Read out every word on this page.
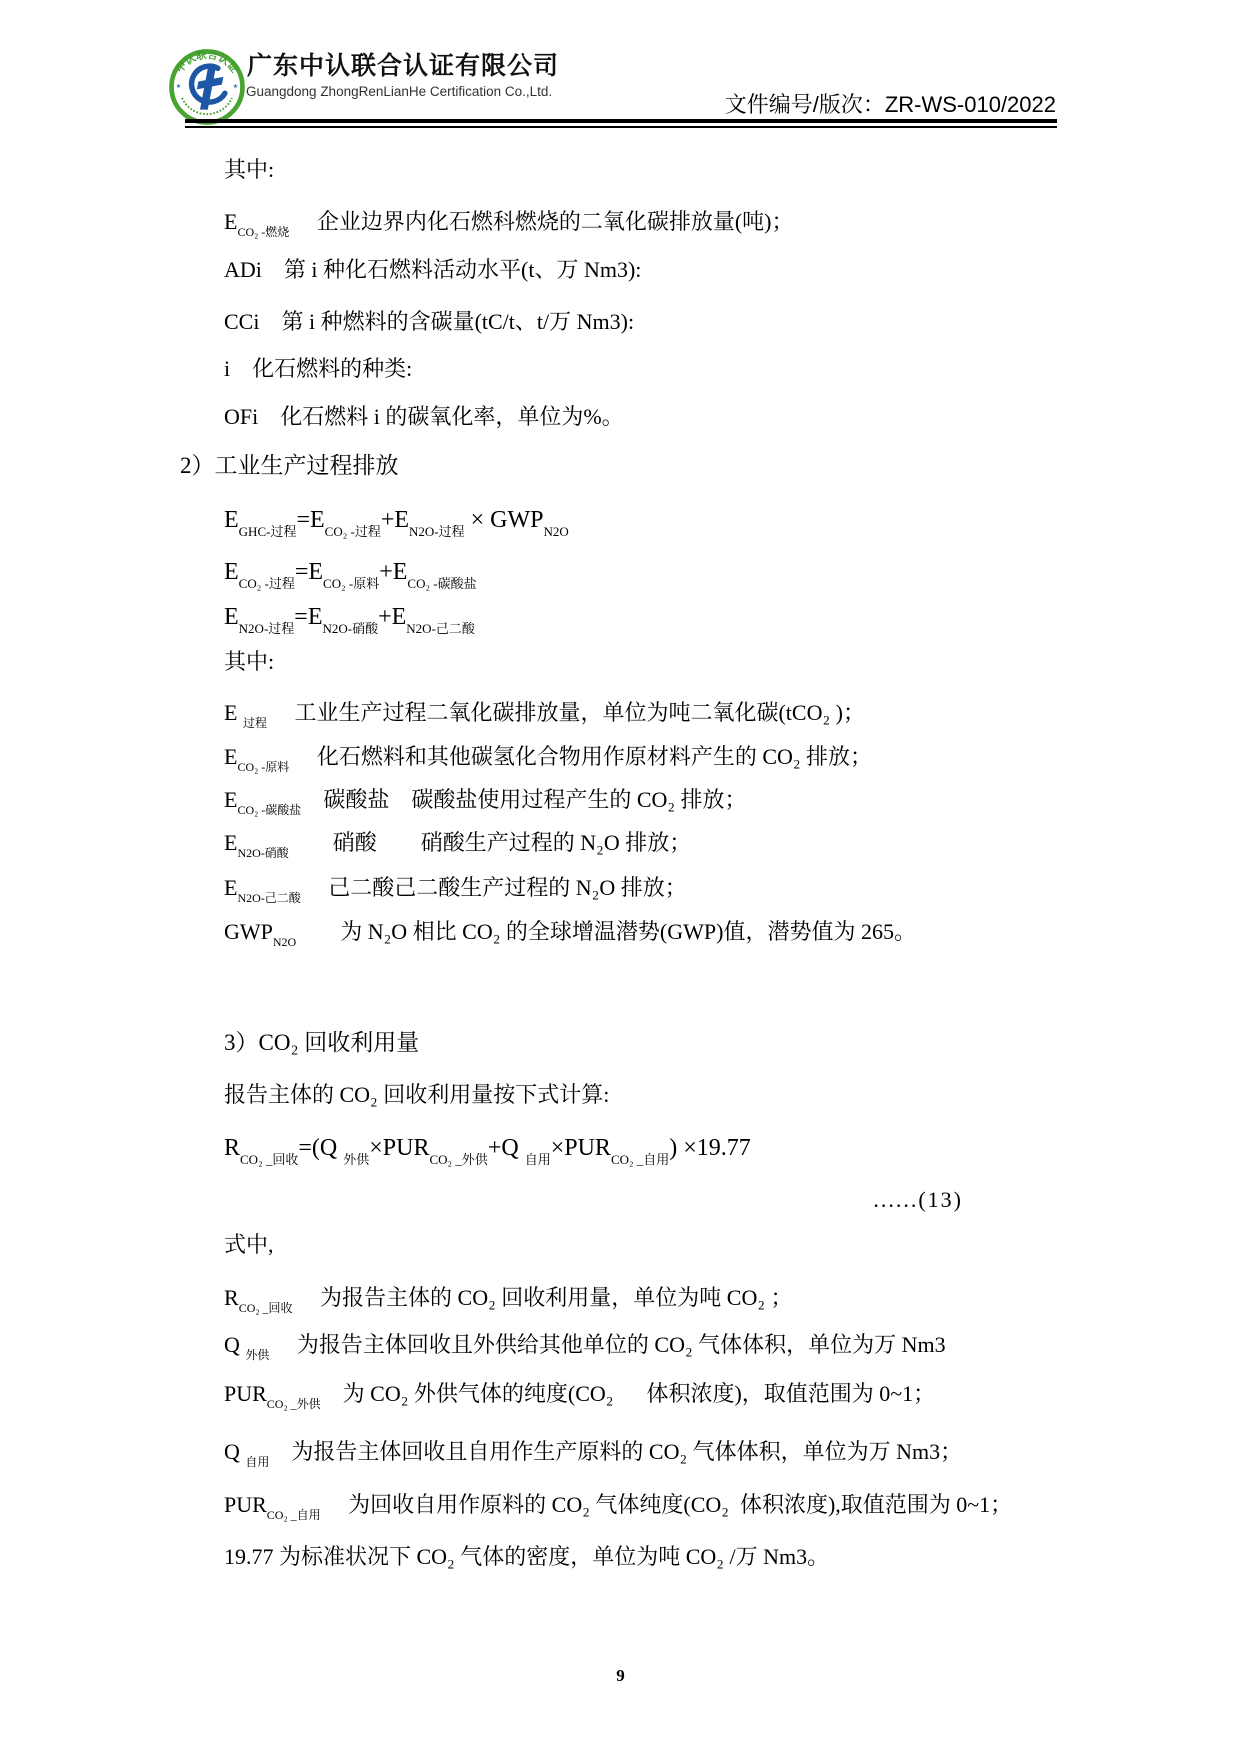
中认联合认证
★	★
广东中认联合认证有限公司
Guangdong ZhongRenLianHe Certification Co.,Ltd.
文件编号/版次：ZR-WS-010/2022
其中:
$E_{CO_2 -燃烧}$　 企业边界内化石燃科燃烧的二氧化碳排放量(吨)；
ADi　第 i 种化石燃料活动水平(t、万 Nm3):
CCi　第 i 种燃料的含碳量(tC/t、t/万 Nm3):
i　化石燃料的种类:
OFi　化石燃料 i 的碳氧化率，单位为%。
2）工业生产过程排放
$E_{GHC-过程}=E_{CO_2 -过程}+E_{N2O-过程} \times GWP_{N2O}$
$E_{CO_2 -过程}=E_{CO_2 -原料}+E_{CO_2 -碳酸盐}$
$E_{N2O-过程}=E_{N2O-硝酸}+E_{N2O-己二酸}$
其中:
E $_{过程}$　 工业生产过程二氧化碳排放量，单位为吨二氧化碳(tCO₂ )；
$E_{CO_2 -原料}$　 化石燃料和其他碳氢化合物用作原材料产生的 CO₂ 排放；
$E_{CO_2 -碳酸盐}$　碳酸盐　碳酸盐使用过程产生的 CO₂ 排放；
$E_{N2O-硝酸}$　　硝酸　　硝酸生产过程的 N₂O 排放；
$E_{N2O-己二酸}$　 己二酸己二酸生产过程的 N₂O 排放；
$GWP_{N2O}$　　为 N₂O 相比 CO₂ 的全球增温潜势(GWP)值，潜势值为 265。
3）CO₂ 回收利用量
报告主体的 CO₂ 回收利用量按下式计算:
$R_{CO_2 \_回收}=(Q$ $_{外供}\times PUR_{CO_2 \_外供}+Q$ $_{自用}\times PUR_{CO_2 \_自用}) \times 19.77$
......(13)
式中,
$R_{CO_2 \_回收}$　 为报告主体的 CO₂ 回收利用量，单位为吨 CO₂ ；
Q $_{外供}$　 为报告主体回收且外供给其他单位的 CO₂ 气体体积，单位为万 Nm3
$PUR_{CO_2 \_外供}$　为 CO₂ 外供气体的纯度(CO₂ 　 体积浓度)，取值范围为 0~1；
Q $_{自用}$　为报告主体回收且自用作生产原料的 CO₂ 气体体积，单位为万 Nm3；
$PUR_{CO_2 \_自用}$　 为回收自用作原料的 CO₂ 气体纯度(CO₂  体积浓度),取值范围为 0~1；
19.77 为标准状况下 CO₂ 气体的密度，单位为吨 CO₂ /万 Nm3。
9
